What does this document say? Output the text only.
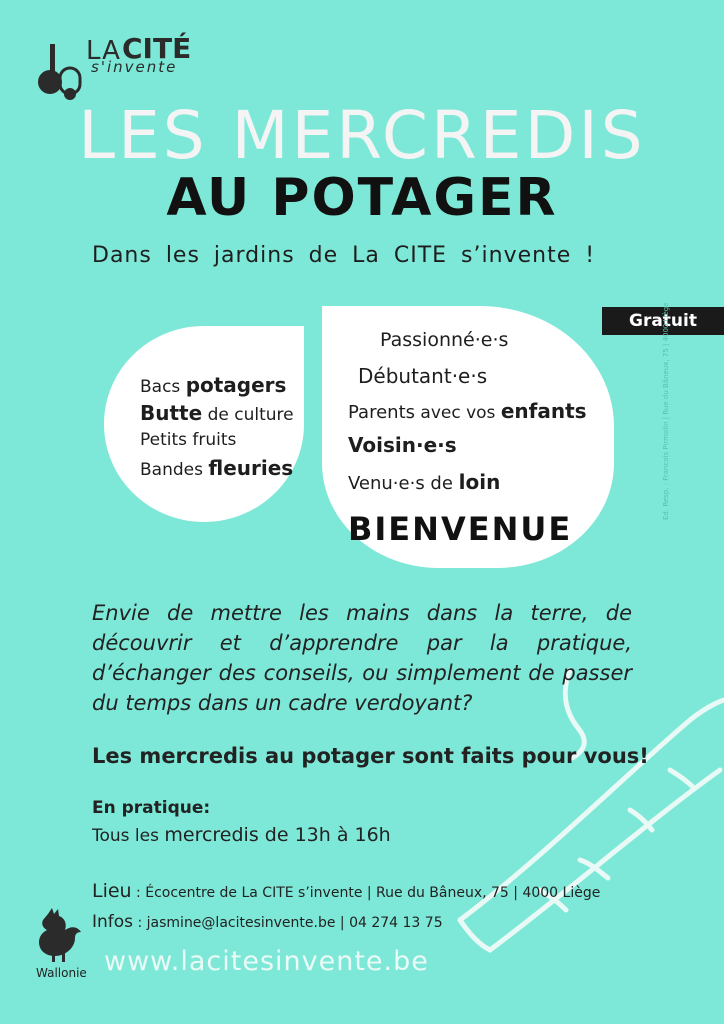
LA CITÉ
s'invente
LES MERCREDIS
AU POTAGER
Dans les jardins de La CITE s’invente !
Gratuit
Bacs potagers
Butte de culture
Petits fruits
Bandes fleuries
Passionné·e·s
Débutant·e·s
Parents avec vos enfants
Voisin·e·s
Venu·e·s de loin
BIENVENUE
Envie de mettre les mains dans la terre, de découvrir et d’apprendre par la pratique, d’échanger des conseils, ou simplement de passer du temps dans un cadre verdoyant?
Les mercredis au potager sont faits pour vous!
En pratique:
Tous les mercredis de 13h à 16h
Lieu : Écocentre de La CITE s’invente | Rue du Bâneux, 75 | 4000 Liège
Infos : jasmine@lacitesinvente.be | 04 274 13 75
www.lacitesinvente.be
Wallonie
Ed. Resp. : Francois Pirmolin | Rue du Bâneux, 75 | 4000 Liège
